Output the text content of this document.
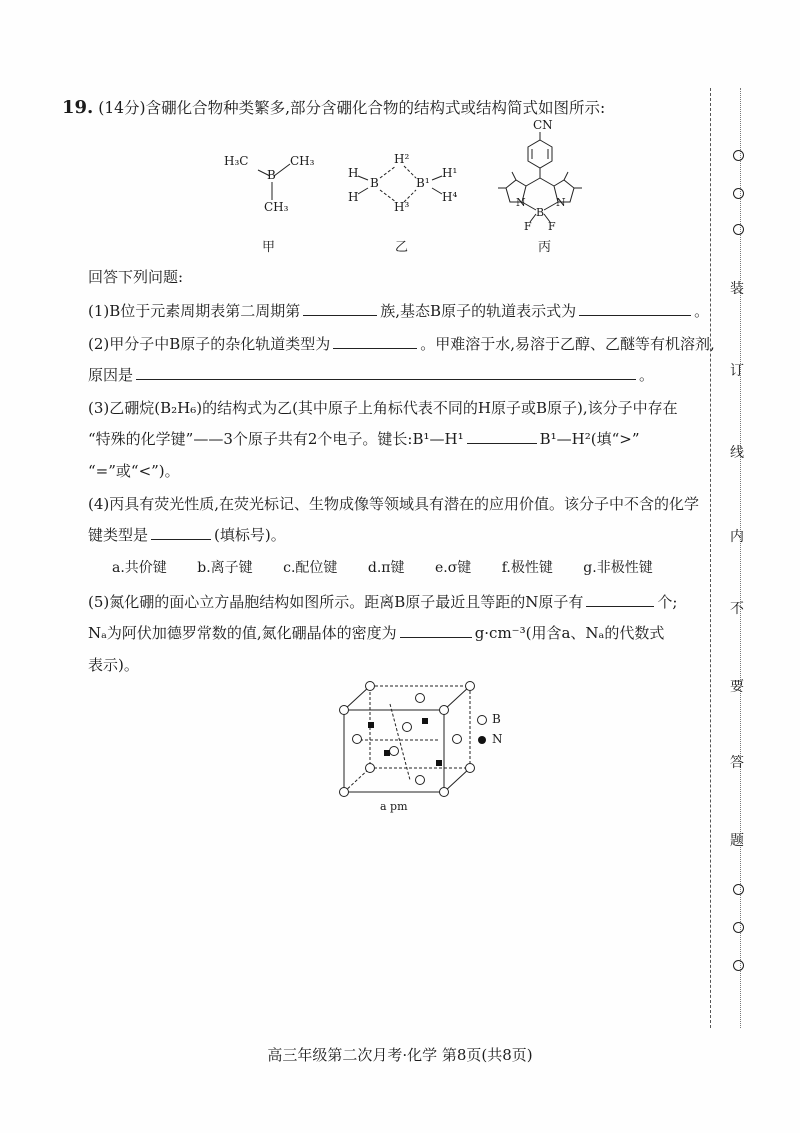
19. (14分)含硼化合物种类繁多,部分含硼化合物的结构式或结构简式如图所示:
H₃C
B
CH₃
CH₃
甲
H
H
B
H²
H³
B¹
H¹
H⁴
乙
CN
N	N
B
F F
丙
回答下列问题:
(1)B位于元素周期表第二周期第	族,基态B原子的轨道表示式为	。
(2)甲分子中B原子的杂化轨道类型为	。甲难溶于水,易溶于乙醇、乙醚等有机溶剂,
原因是	。
(3)乙硼烷(B₂H₆)的结构式为乙(其中原子上角标代表不同的H原子或B原子),该分子中存在
“特殊的化学键”——3个原子共有2个电子。键长:B¹—H¹	B¹—H²(填“>”
“=”或“<”)。
(4)丙具有荧光性质,在荧光标记、生物成像等领域具有潜在的应用价值。该分子中不含的化学
键类型是	(填标号)。
a.共价键 b.离子键 c.配位键 d.π键 e.σ键 f.极性键 g.非极性键
(5)氮化硼的面心立方晶胞结构如图所示。距离B原子最近且等距的N原子有	个;
Nₐ为阿伏加德罗常数的值,氮化硼晶体的密度为	g·cm⁻³(用含a、Nₐ的代数式
表示)。
B
N
a pm
装
订
线
内
不
要
答
题
高三年级第二次月考·化学 第8页(共8页)
